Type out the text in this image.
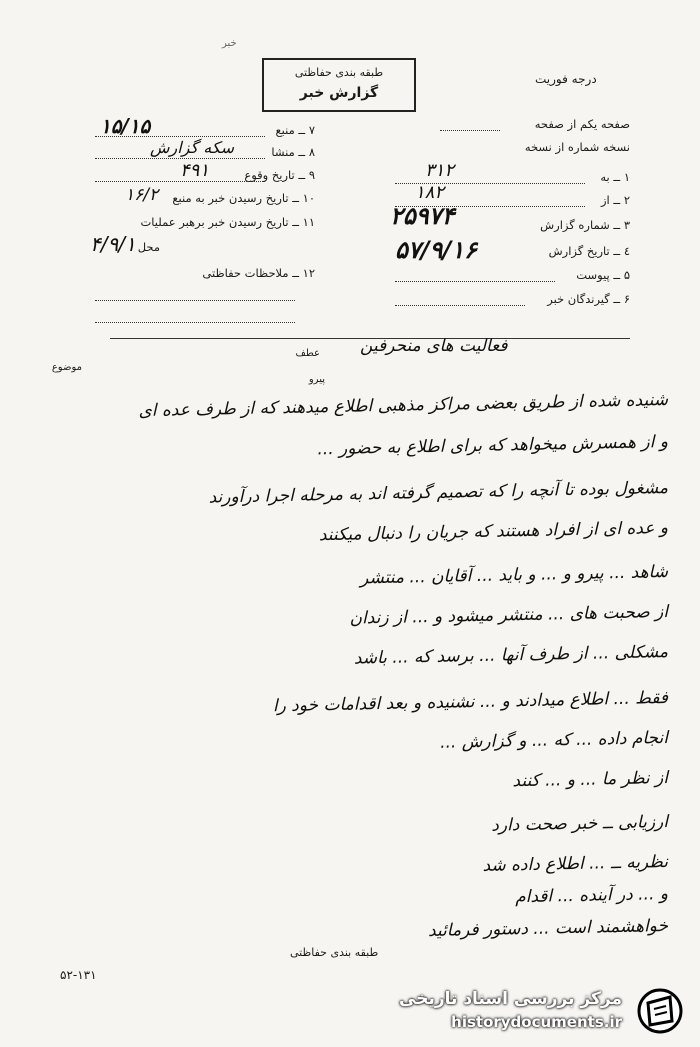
خبر
طبقه بندی حفاظتی
گزارش خبر
درجه فوریت
صفحه یکم از صفحه
نسخه شماره از نسخه
۱ ــ به
۳۱۲
۲ ــ از
۱۸۲
۳ ــ شماره گزارش
۲۵۹۷۴
٤ ــ تاریخ گزارش
۵۷/۹/۱۶
۵ ــ پیوست
۶ ــ گیرندگان خبر
۷ ــ منبع
۱۵/۱۵
۸ ــ منشا
سکه گزارش
۹ ــ تاریخ وقوع
۴۹۱
۱۰ ــ تاریخ رسیدن خبر به منبع
۱۶/۲
۱۱ ــ تاریخ رسیدن خبر برهبر عملیات
محل
۴/۹/۱
۱۲ ــ ملاحظات حفاظتی
موضوع
عطف
پیرو
فعالیت های منحرفین
شنیده شده از طریق بعضی مراکز مذهبی اطلاع میدهند که از طرف عده ای
و از همسرش میخواهد که برای اطلاع به حضور ...
مشغول بوده تا آنچه را که تصمیم گرفته اند به مرحله اجرا درآورند
و عده ای از افراد هستند که جریان را دنبال میکنند
شاهد ... پیرو و ... و باید ... آقایان ... منتشر
از صحبت های ... منتشر میشود و ... از زندان
مشکلی ... از طرف آنها ... برسد که ... باشد
فقط ... اطلاع میدادند و ... نشنیده و بعد اقدامات خود را
انجام داده ... که ... و گزارش ...
از نظر ما ... و ... کنند
ارزیابی ــ خبر صحت دارد
نظریه ــ ... اطلاع داده شد
و ... در آینده ... اقدام
خواهشمند است ... دستور فرمائید
طبقه بندی حفاظتی
۵۲-۱۳۱
مرکز بررسی اسناد تاریخی
historydocuments.ir
